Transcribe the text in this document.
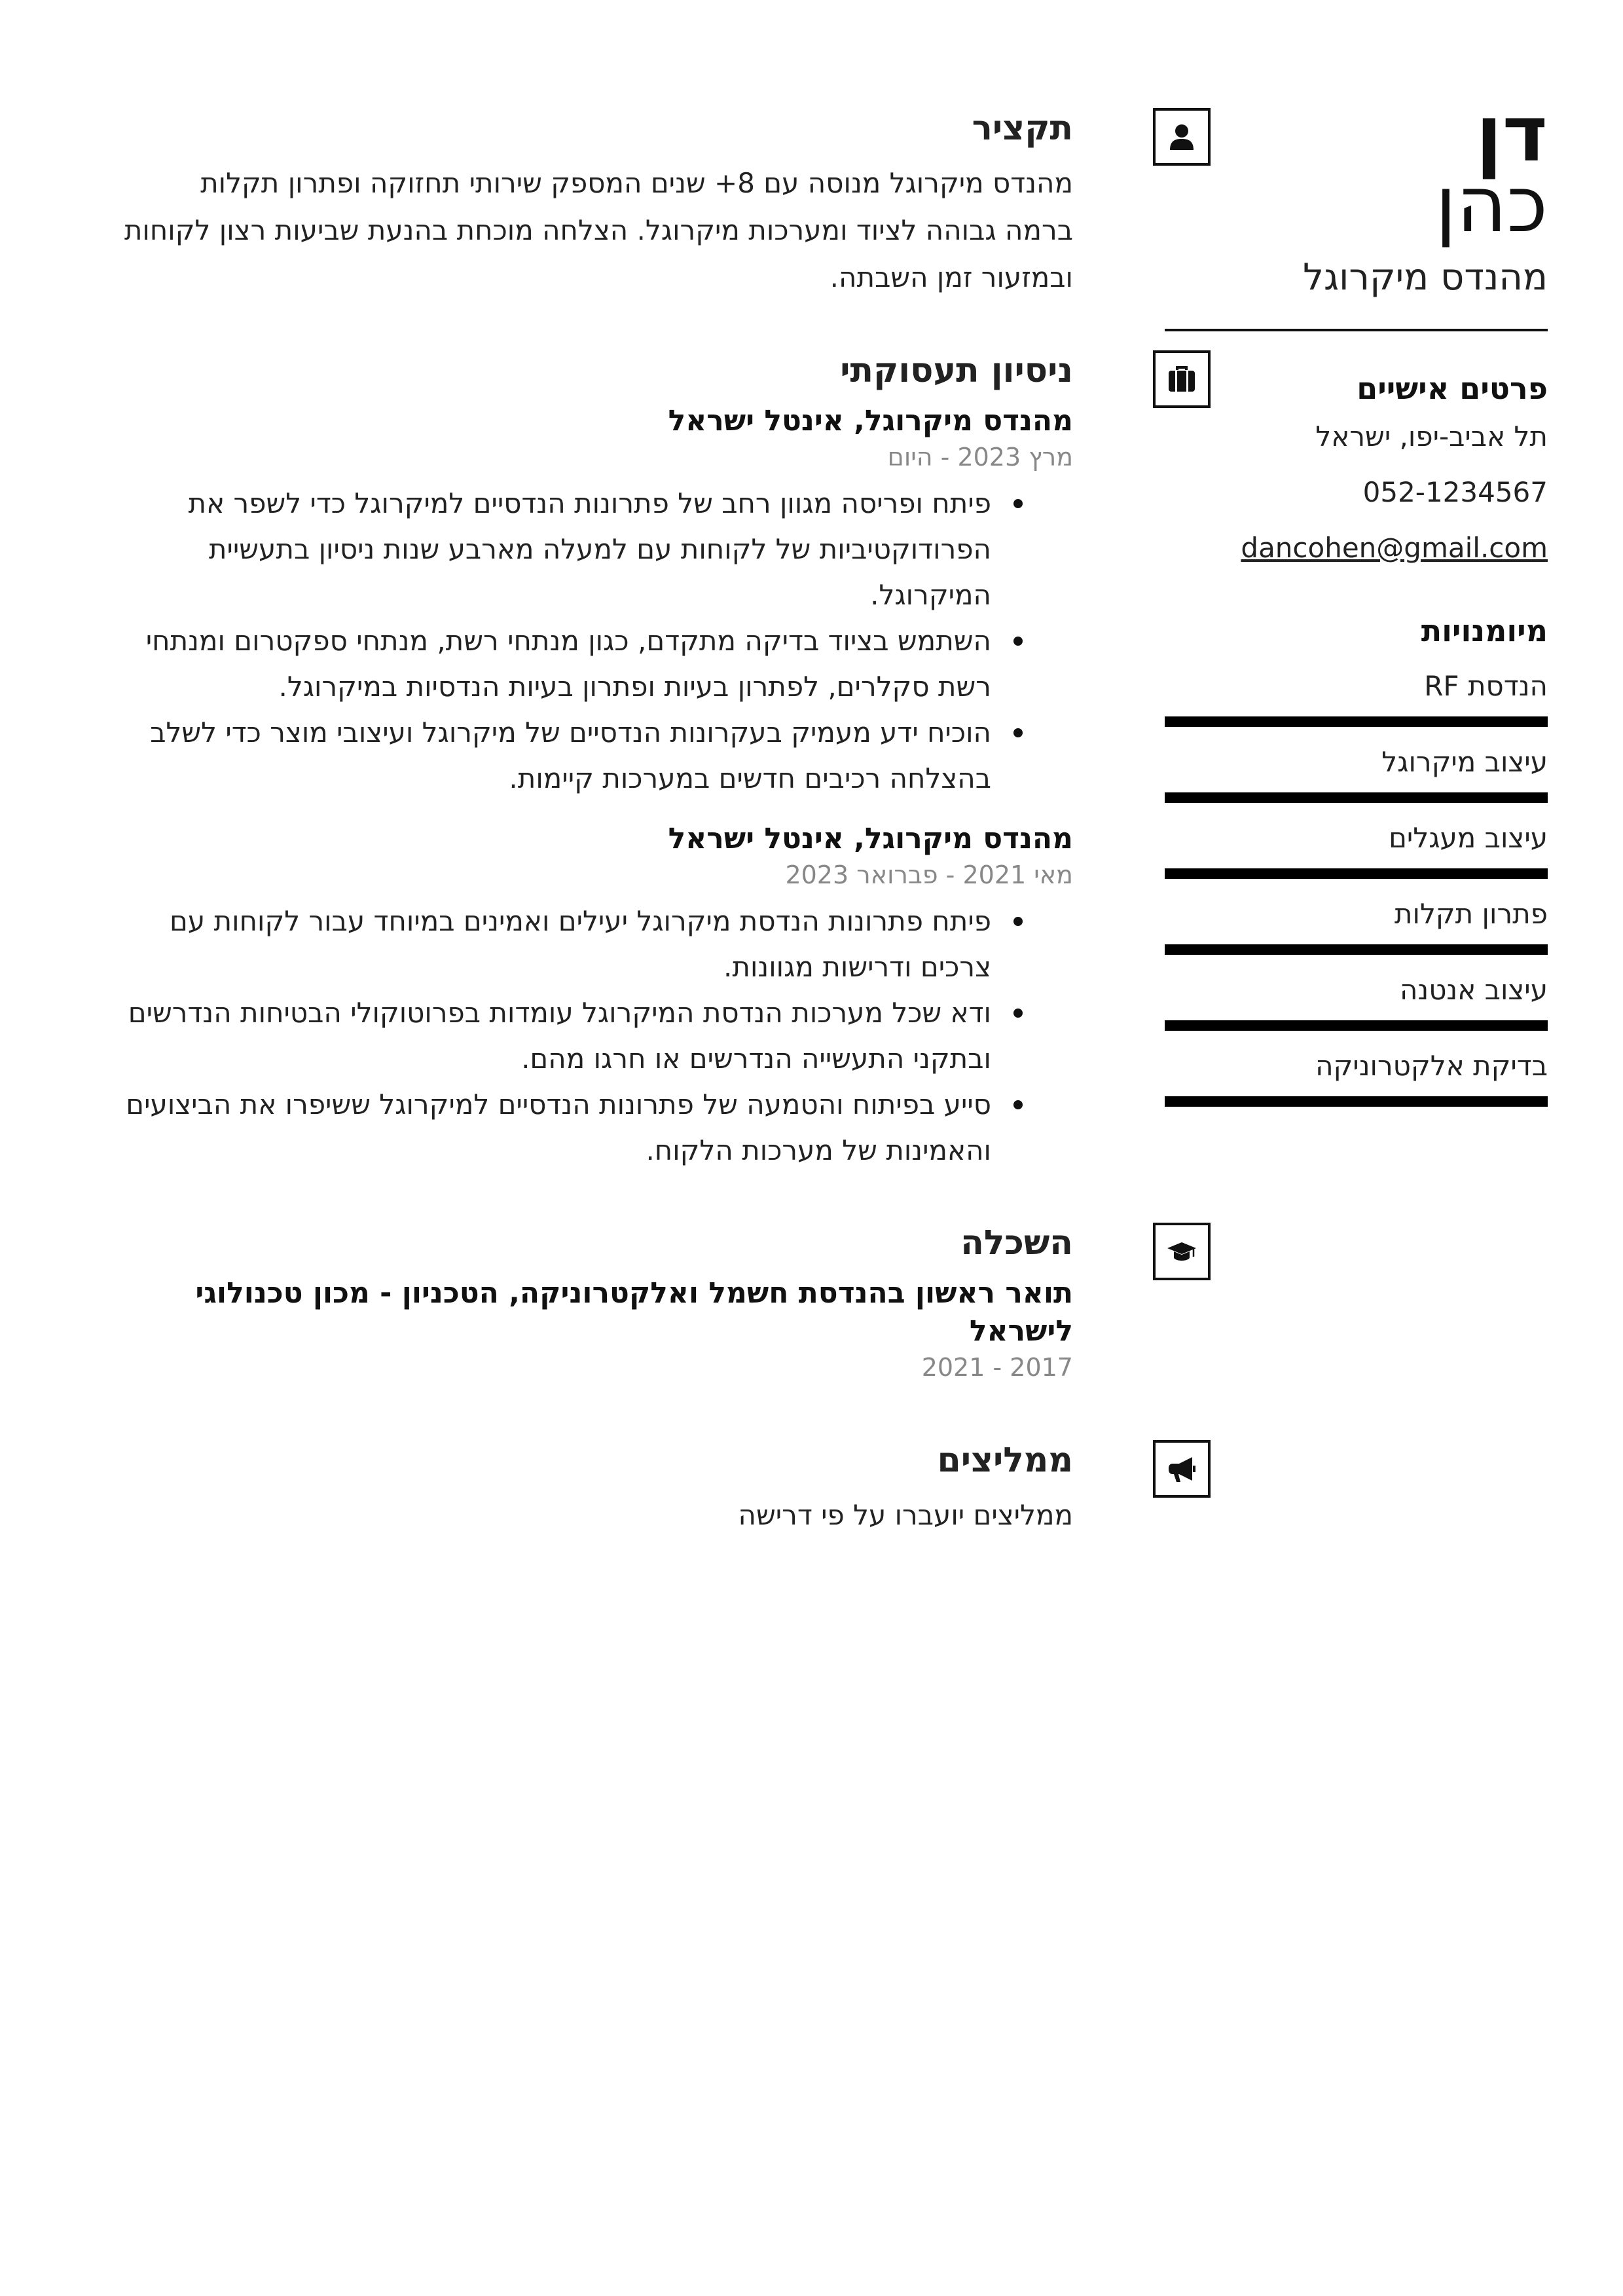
דן
כהן
מהנדס מיקרוגל
פרטים אישיים
תל אביב-יפו, ישראל
052-1234567
dancohen@gmail.com
מיומנויות
הנדסת RF
עיצוב מיקרוגל
עיצוב מעגלים
פתרון תקלות
עיצוב אנטנה
בדיקת אלקטרוניקה
תקציר
מהנדס מיקרוגל מנוסה עם 8+ שנים המספק שירותי תחזוקה ופתרון תקלות ברמה גבוהה לציוד ומערכות מיקרוגל. הצלחה מוכחת בהנעת שביעות רצון לקוחות ובמזעור זמן השבתה.
ניסיון תעסוקתי
מהנדס מיקרוגל, אינטל ישראל
מרץ 2023 - היום
פיתח ופריסה מגוון רחב של פתרונות הנדסיים למיקרוגל כדי לשפר את הפרודוקטיביות של לקוחות עם למעלה מארבע שנות ניסיון בתעשיית המיקרוגל.
השתמש בציוד בדיקה מתקדם, כגון מנתחי רשת, מנתחי ספקטרום ומנתחי רשת סקלרים, לפתרון בעיות ופתרון בעיות הנדסיות במיקרוגל.
הוכיח ידע מעמיק בעקרונות הנדסיים של מיקרוגל ועיצובי מוצר כדי לשלב בהצלחה רכיבים חדשים במערכות קיימות.
מהנדס מיקרוגל, אינטל ישראל
מאי 2021 - פברואר 2023
פיתח פתרונות הנדסת מיקרוגל יעילים ואמינים במיוחד עבור לקוחות עם צרכים ודרישות מגוונות.
ודא שכל מערכות הנדסת המיקרוגל עומדות בפרוטוקולי הבטיחות הנדרשים ובתקני התעשייה הנדרשים או חרגו מהם.
סייע בפיתוח והטמעה של פתרונות הנדסיים למיקרוגל ששיפרו את הביצועים והאמינות של מערכות הלקוח.
השכלה
תואר ראשון בהנדסת חשמל ואלקטרוניקה, הטכניון - מכון טכנולוגי לישראל
2017 - 2021
ממליצים
ממליצים יועברו על פי דרישה
